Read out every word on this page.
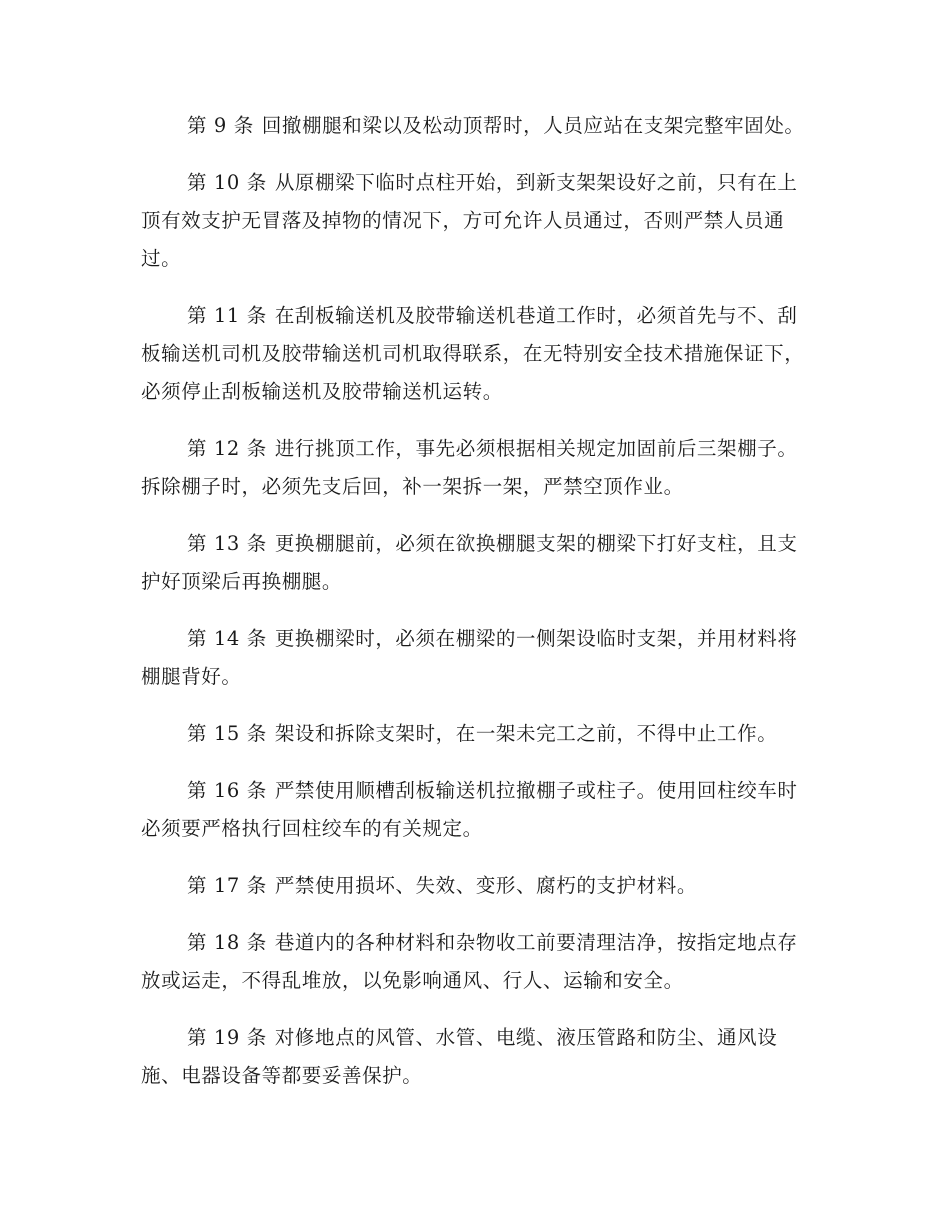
第 9 条 回撤棚腿和梁以及松动顶帮时，人员应站在支架完整牢固处。

第 10 条 从原棚梁下临时点柱开始，到新支架架设好之前，只有在上顶有效支护无冒落及掉物的情况下，方可允许人员通过，否则严禁人员通过。

第 11 条 在刮板输送机及胶带输送机巷道工作时，必须首先与不、刮板输送机司机及胶带输送机司机取得联系，在无特别安全技术措施保证下，必须停止刮板输送机及胶带输送机运转。

第 12 条 进行挑顶工作，事先必须根据相关规定加固前后三架棚子。拆除棚子时，必须先支后回，补一架拆一架，严禁空顶作业。

第 13 条 更换棚腿前，必须在欲换棚腿支架的棚梁下打好支柱，且支护好顶梁后再换棚腿。

第 14 条 更换棚梁时，必须在棚梁的一侧架设临时支架，并用材料将棚腿背好。

第 15 条 架设和拆除支架时，在一架未完工之前，不得中止工作。

第 16 条 严禁使用顺槽刮板输送机拉撤棚子或柱子。使用回柱绞车时必须要严格执行回柱绞车的有关规定。

第 17 条 严禁使用损坏、失效、变形、腐朽的支护材料。

第 18 条 巷道内的各种材料和杂物收工前要清理洁净，按指定地点存放或运走，不得乱堆放，以免影响通风、行人、运输和安全。

第 19 条 对修地点的风管、水管、电缆、液压管路和防尘、通风设施、电器设备等都要妥善保护。
